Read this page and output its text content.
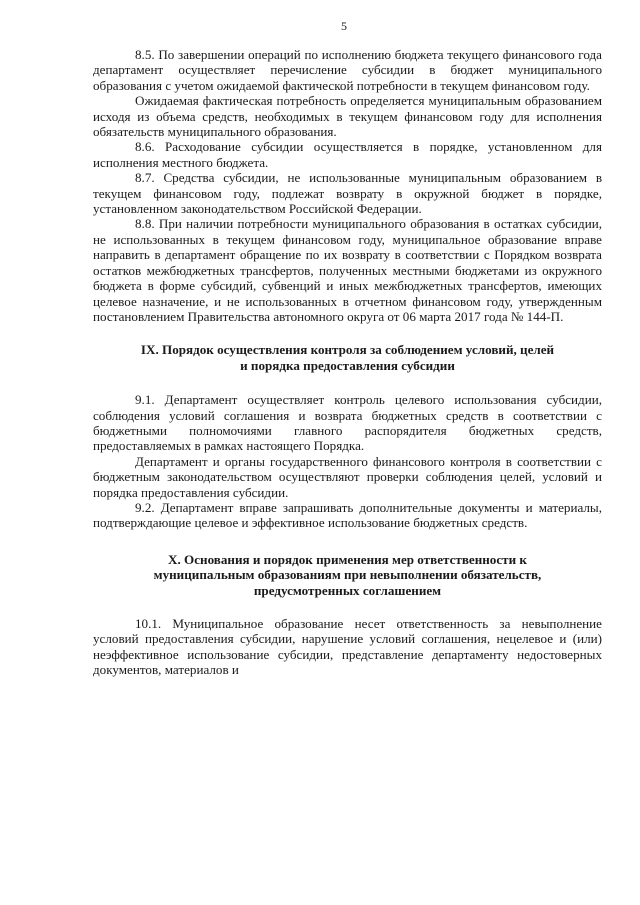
5

8.5. По завершении операций по исполнению бюджета текущего финансового года департамент осуществляет перечисление субсидии в бюджет муниципального образования с учетом ожидаемой фактической потребности в текущем финансовом году.

Ожидаемая фактическая потребность определяется муниципальным образованием исходя из объема средств, необходимых в текущем финансовом году для исполнения обязательств муниципального образования.

8.6. Расходование субсидии осуществляется в порядке, установленном для исполнения местного бюджета.

8.7. Средства субсидии, не использованные муниципальным образованием в текущем финансовом году, подлежат возврату в окружной бюджет в порядке, установленном законодательством Российской Федерации.

8.8. При наличии потребности муниципального образования в остатках субсидии, не использованных в текущем финансовом году, муниципальное образование вправе направить в департамент обращение по их возврату в соответствии с Порядком возврата остатков межбюджетных трансфертов, полученных местными бюджетами из окружного бюджета в форме субсидий, субвенций и иных межбюджетных трансфертов, имеющих целевое назначение, и не использованных в отчетном финансовом году, утвержденным постановлением Правительства автономного округа от 06 марта 2017 года № 144-П.

IX. Порядок осуществления контроля за соблюдением условий, целей

и порядка предоставления субсидии

9.1. Департамент осуществляет контроль целевого использования субсидии, соблюдения условий соглашения и возврата бюджетных средств в соответствии с бюджетными полномочиями главного распорядителя бюджетных средств, предоставляемых в рамках настоящего Порядка.

Департамент и органы государственного финансового контроля в соответствии с бюджетным законодательством осуществляют проверки соблюдения целей, условий и порядка предоставления субсидии.

9.2. Департамент вправе запрашивать дополнительные документы и материалы, подтверждающие целевое и эффективное использование бюджетных средств.

X. Основания и порядок применения мер ответственности к

муниципальным образованиям при невыполнении обязательств,

предусмотренных соглашением

10.1. Муниципальное образование несет ответственность за невыполнение условий предоставления субсидии, нарушение условий соглашения, нецелевое и (или) неэффективное использование субсидии, представление департаменту недостоверных документов, материалов и
